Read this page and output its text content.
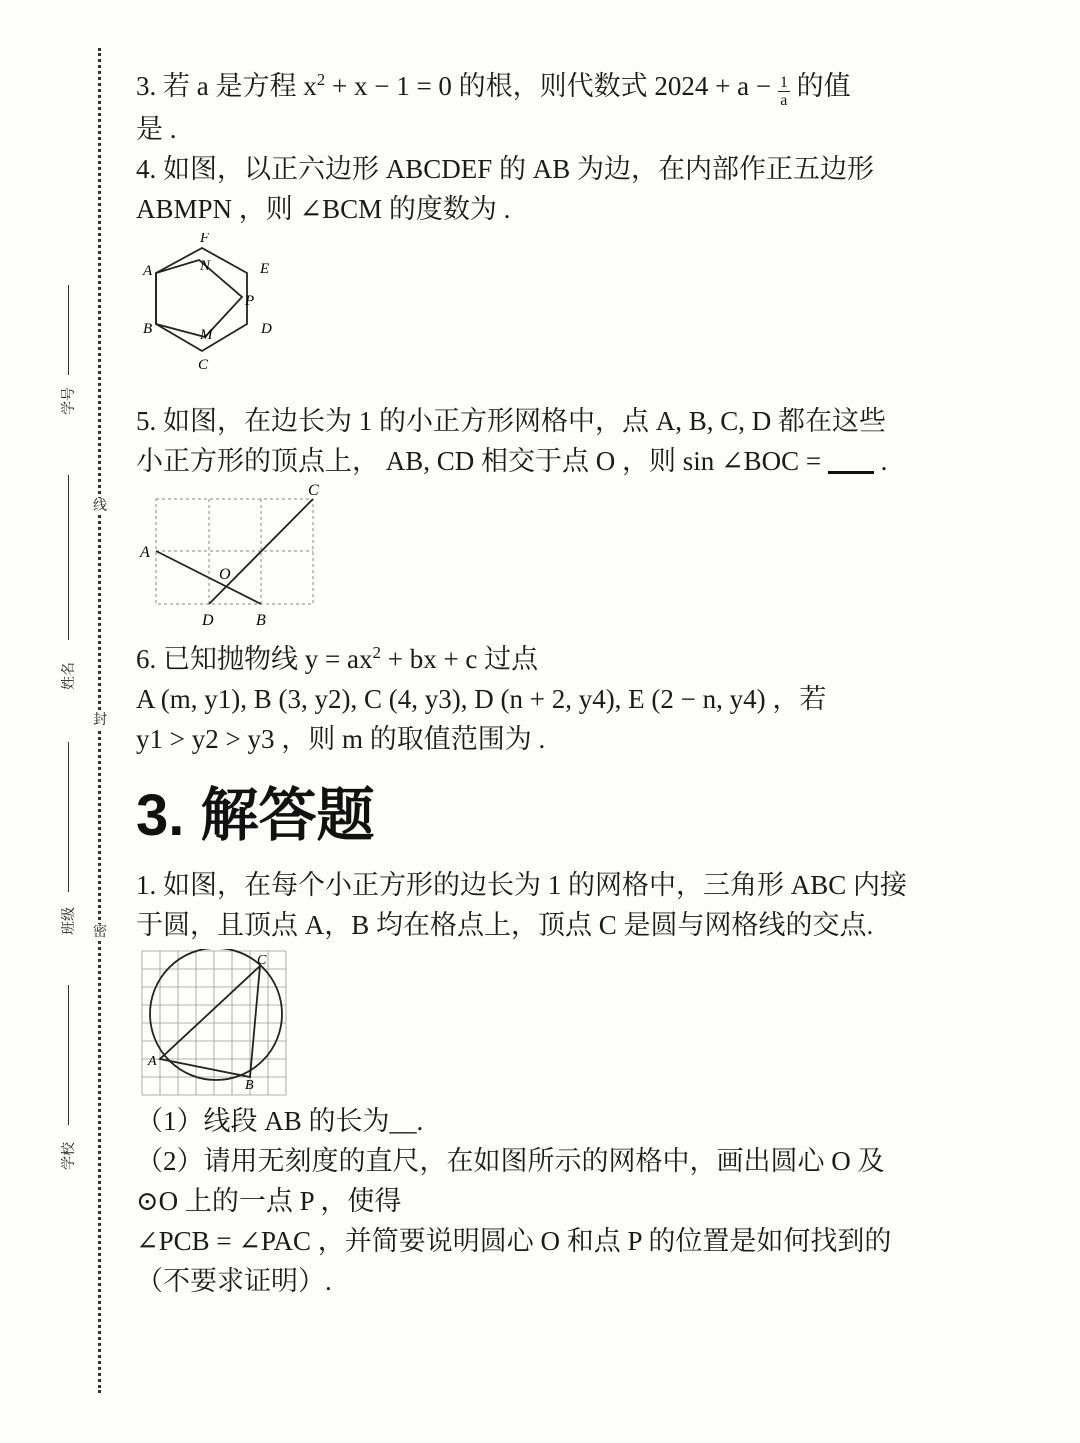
线
封
密
学号
姓名
班级
学校

3. 若 a 是方程 $x^2 + x - 1 = 0$ 的根，则代数式 $2024 + a - \frac{1}{a}$ 的值

是 .

4. 如图，以正六边形 ABCDEF 的 AB 为边，在内部作正五边形

ABMPN ，则 ∠BCM 的度数为 .

F
A	N	E
P
B	M	D
C

5. 如图，在边长为 1 的小正方形网格中，点 A, B, C, D 都在这些

小正方形的顶点上， AB, CD 相交于点 O ，则 sin ∠BOC =  .

C
A
O
D	B

6. 已知抛物线 $y = ax^2$ + bx + c 过点

A (m, y1), B (3, y2), C (4, y3), D (n + 2, y4), E (2 − n, y4) ，若

y1 > y2 > y3 ，则 m 的取值范围为 .

3. 解答题

1. 如图，在每个小正方形的边长为 1 的网格中，三角形 ABC 内接

于圆，且顶点 A，B 均在格点上，顶点 C 是圆与网格线的交点.

C
A
B

（1）线段 AB 的长为__.

（2）请用无刻度的直尺，在如图所示的网格中，画出圆心 O 及

⊙O 上的一点 P ，使得

∠PCB = ∠PAC ，并简要说明圆心 O 和点 P 的位置是如何找到的

（不要求证明）.
